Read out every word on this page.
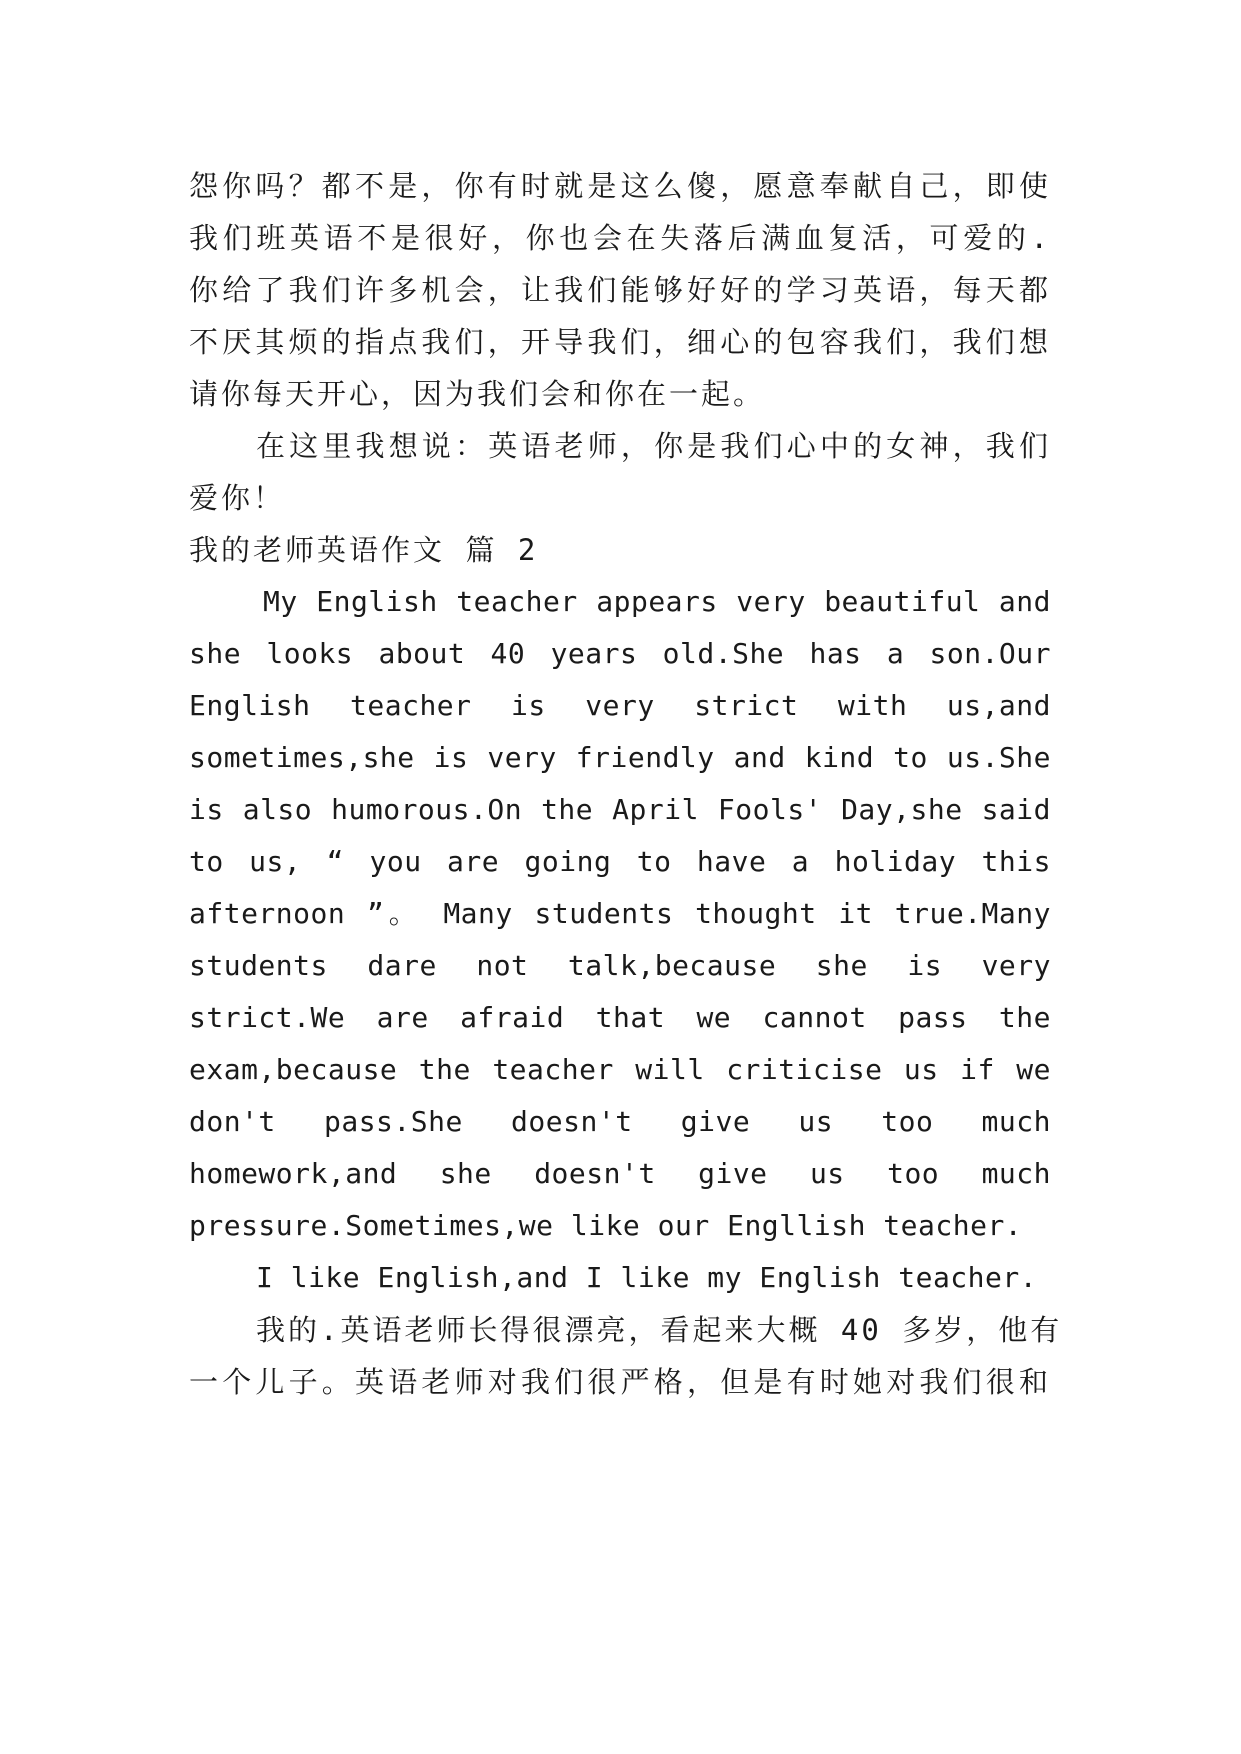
怨你吗？都不是，你有时就是这么傻，愿意奉献自己，即使
我们班英语不是很好，你也会在失落后满血复活，可爱的.
你给了我们许多机会，让我们能够好好的学习英语，每天都
不厌其烦的指点我们，开导我们，细心的包容我们，我们想
请你每天开心，因为我们会和你在一起。
在这里我想说：英语老师，你是我们心中的女神，我们
爱你！
我的老师英语作文 篇 2
My English teacher appears very beautiful and
she looks about 40 years old.She has a son.Our
English teacher is very strict with us,and
sometimes,she is very friendly and kind to us.She
is also humorous.On the April Fools' Day,she said
to us, “ you are going to have a holiday this
afternoon ”。 Many students thought it true.Many
students dare not talk,because she is very
strict.We are afraid that we cannot pass the
exam,because the teacher will criticise us if we
don't pass.She doesn't give us too much
homework,and she doesn't give us too much
pressure.Sometimes,we like our Engllish teacher.
I like English,and I like my English teacher.
我的.英语老师长得很漂亮，看起来大概 40 多岁，他有
一个儿子。英语老师对我们很严格，但是有时她对我们很和
